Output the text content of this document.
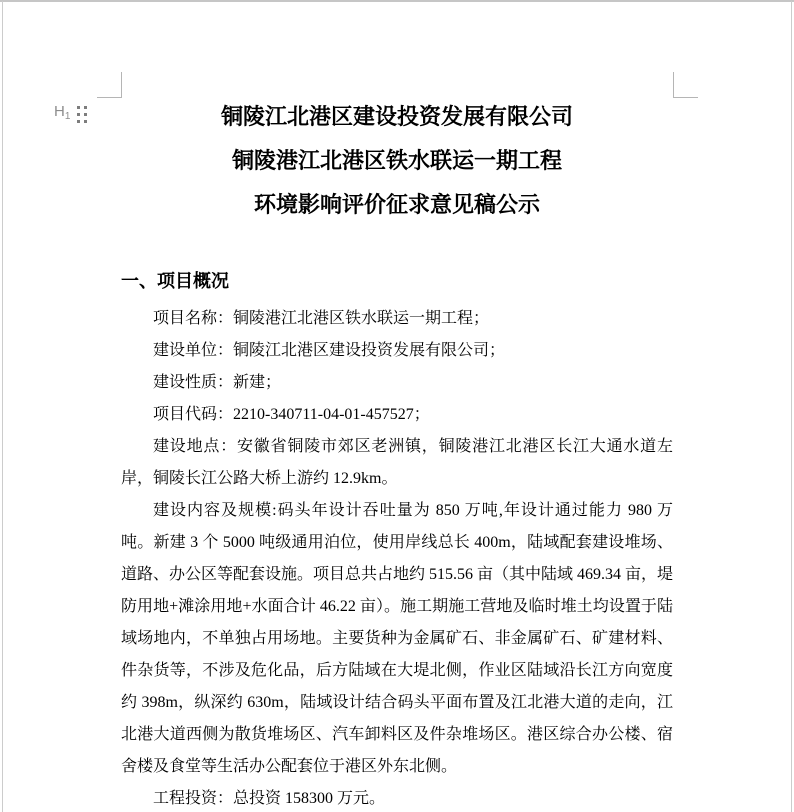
$H_1$	铜陵江北港区建设投资发展有限公司
铜陵港江北港区铁水联运一期工程
环境影响评价征求意见稿公示
一、项目概况

项目名称：铜陵港江北港区铁水联运一期工程；

建设单位：铜陵江北港区建设投资发展有限公司；

建设性质：新建；

项目代码：2210-340711-04-01-457527；

建设地点：安徽省铜陵市郊区老洲镇，铜陵港江北港区长江大通水道左岸，铜陵长江公路大桥上游约 12.9km。

建设内容及规模:码头年设计吞吐量为 850 万吨,年设计通过能力 980 万吨。新建 3 个 5000 吨级通用泊位，使用岸线总长 400m，陆域配套建设堆场、道路、办公区等配套设施。项目总共占地约 515.56 亩（其中陆域 469.34 亩，堤防用地+滩涂用地+水面合计 46.22 亩）。施工期施工营地及临时堆土均设置于陆域场地内，不单独占用场地。主要货种为金属矿石、非金属矿石、矿建材料、件杂货等，不涉及危化品，后方陆域在大堤北侧，作业区陆域沿长江方向宽度约 398m，纵深约 630m，陆域设计结合码头平面布置及江北港大道的走向，江北港大道西侧为散货堆场区、汽车卸料区及件杂堆场区。港区综合办公楼、宿舍楼及食堂等生活办公配套位于港区外东北侧。

工程投资：总投资 158300 万元。
